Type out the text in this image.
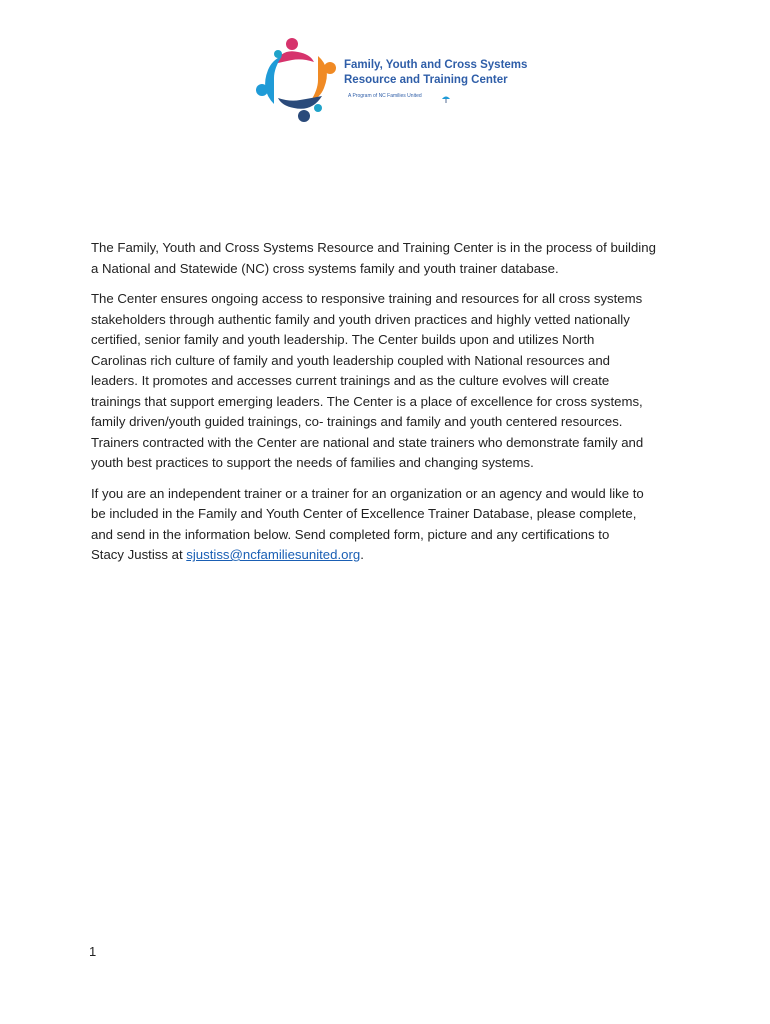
Family, Youth and Cross Systems
Resource and Training Center
A Program of NC Families United

The Family, Youth and Cross Systems Resource and Training Center is in the process of building
a National and Statewide (NC) cross systems family and youth trainer database.

The Center ensures ongoing access to responsive training and resources for all cross systems
stakeholders through authentic family and youth driven practices and highly vetted nationally
certified, senior family and youth leadership. The Center builds upon and utilizes North
Carolinas rich culture of family and youth leadership coupled with National resources and
leaders. It promotes and accesses current trainings and as the culture evolves will create
trainings that support emerging leaders. The Center is a place of excellence for cross systems,
family driven/youth guided trainings, co- trainings and family and youth centered resources.
Trainers contracted with the Center are national and state trainers who demonstrate family and
youth best practices to support the needs of families and changing systems.

If you are an independent trainer or a trainer for an organization or an agency and would like to
be included in the Family and Youth Center of Excellence Trainer Database, please complete,
and send in the information below. Send completed form, picture and any certifications to
Stacy Justiss at sjustiss@ncfamiliesunited.org.

1
